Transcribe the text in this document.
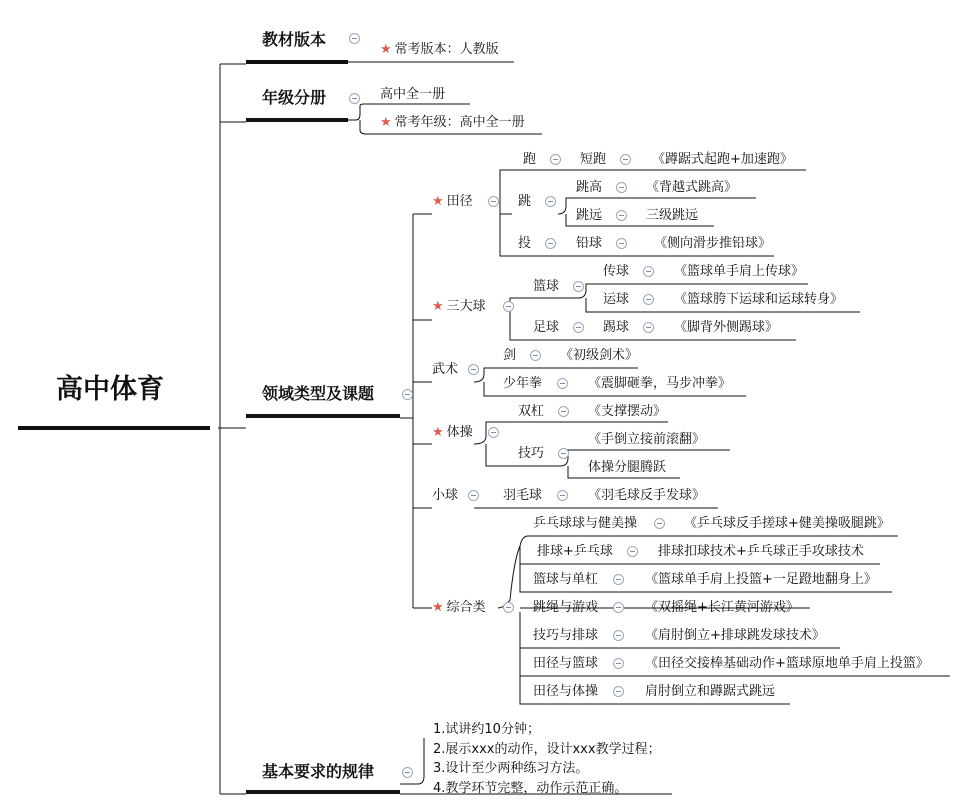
高中体育
教材版本
★ 常考版本：人教版
年级分册	高中全一册
★ 常考年级：高中全一册
领域类型及课题
★ 田径
跑	短跑	《蹲踞式起跑+加速跑》
跳
跳高	《背越式跳高》
跳远	三级跳远
投	铅球	《侧向滑步推铅球》
★ 三大球
篮球
传球	《篮球单手肩上传球》
运球	《篮球胯下运球和运球转身》
足球	踢球	《脚背外侧踢球》
武术
剑	《初级剑术》
少年拳	《震脚砸拳，马步冲拳》
★ 体操
双杠	《支撑摆动》
技巧
《手倒立接前滚翻》
体操分腿腾跃
小球	羽毛球	《羽毛球反手发球》
★ 综合类
乒乓球球与健美操	《乒乓球反手搓球+健美操吸腿跳》
排球+乒乓球	排球扣球技术+乒乓球正手攻球技术
篮球与单杠	《篮球单手肩上投篮+一足蹬地翻身上》
跳绳与游戏	《双摇绳+长江黄河游戏》
技巧与排球	《肩肘倒立+排球跳发球技术》
田径与篮球	《田径交接棒基础动作+篮球原地单手肩上投篮》
田径与体操	肩肘倒立和蹲踞式跳远
基本要求的规律
1.试讲约10分钟；
2.展示xxx的动作，设计xxx教学过程；
3.设计至少两种练习方法。
4.教学环节完整，动作示范正确。
